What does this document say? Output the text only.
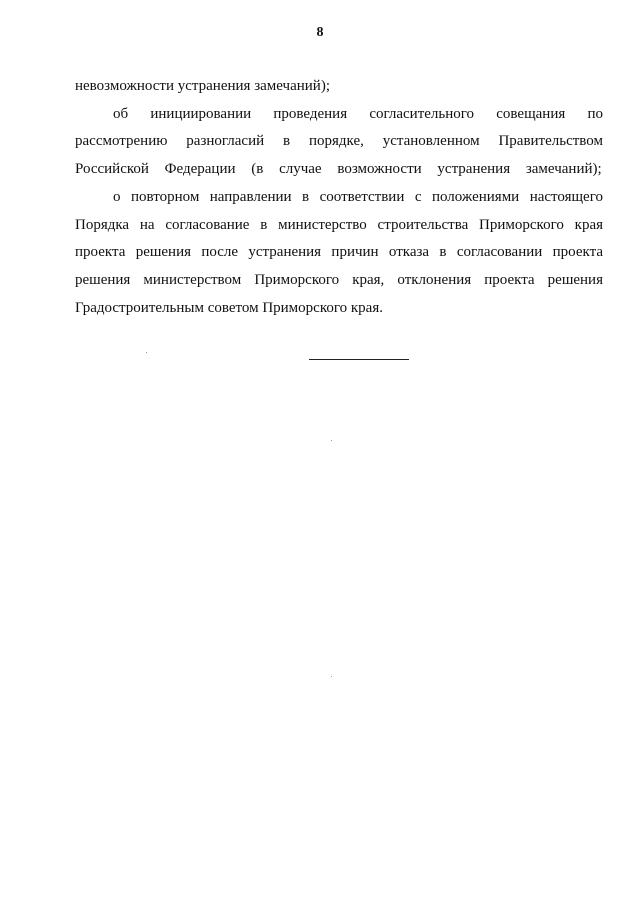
8

невозможности устранения замечаний);

об инициировании проведения согласительного совещания по рассмотрению разногласий в порядке, установленном Правительством Российской Федерации (в случае возможности устранения замечаний);

о повторном направлении в соответствии с положениями настоящего Порядка на согласование в министерство строительства Приморского края проекта решения после устранения причин отказа в согласовании проекта решения министерством Приморского края, отклонения проекта решения Градостроительным советом Приморского края.
